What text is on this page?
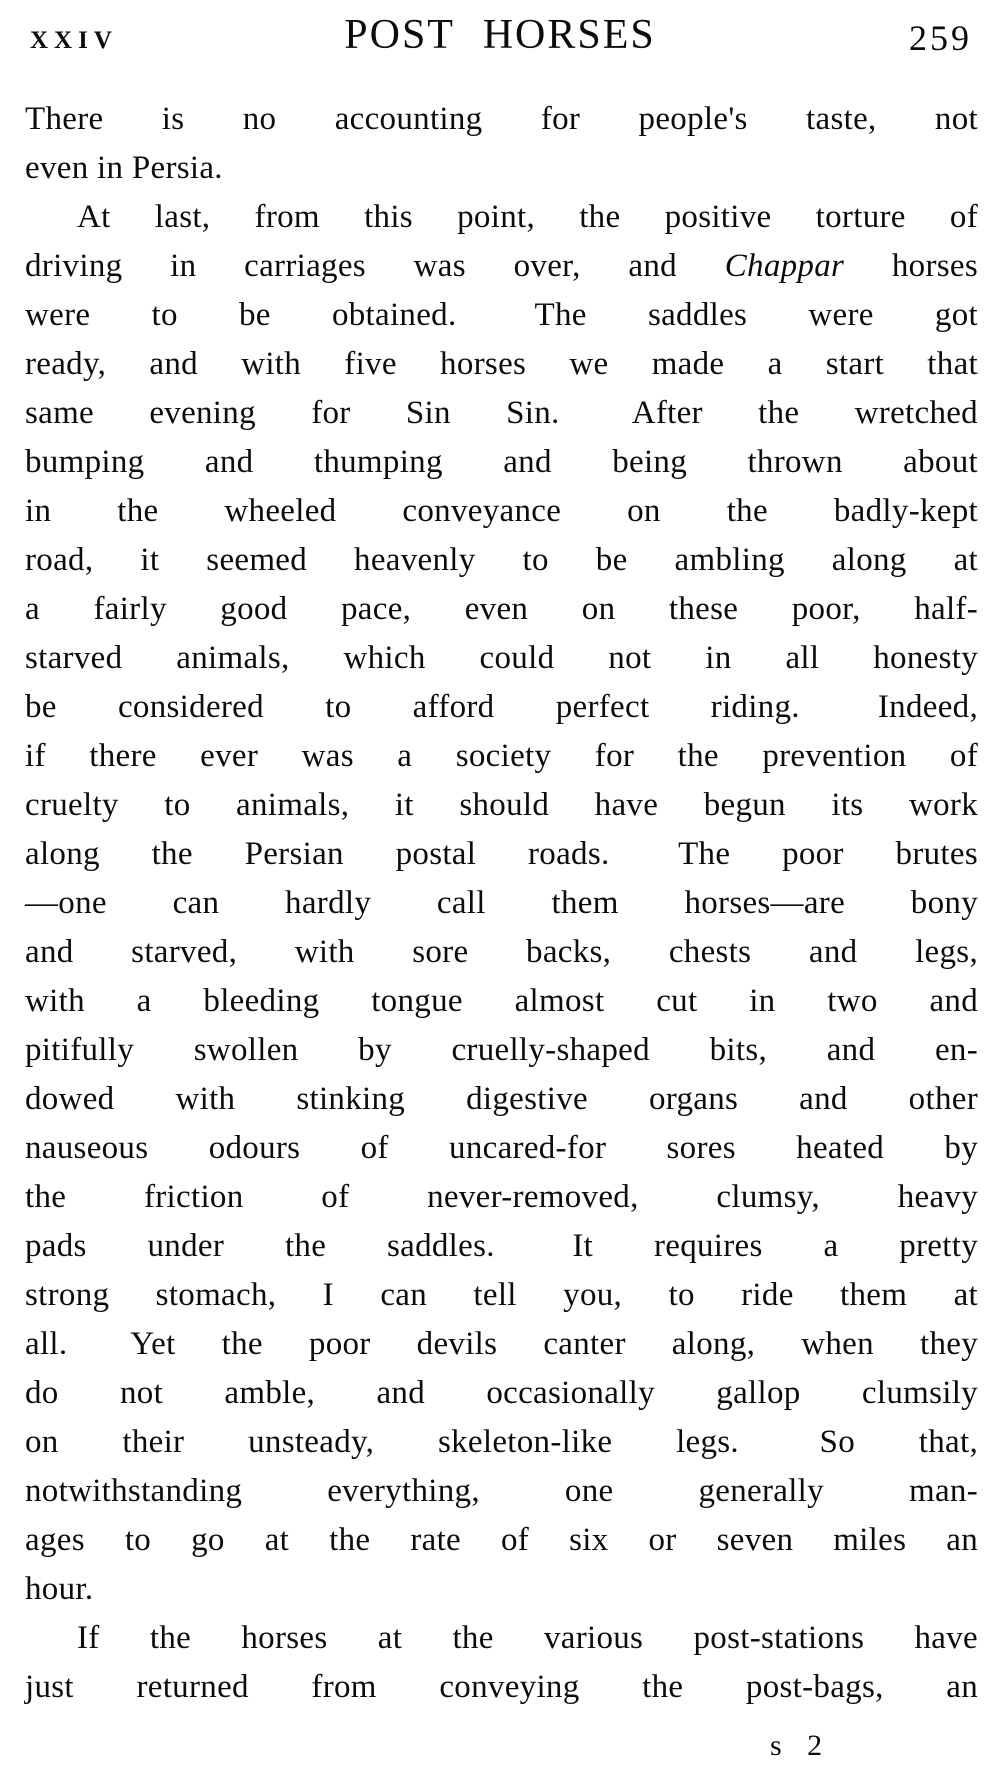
XXIV	POST HORSES	259
There is no accounting for people's taste, not
even in Persia.
At last, from this point, the positive torture of
driving in carriages was over, and Chappar horses
were to be obtained.  The saddles were got
ready, and with five horses we made a start that
same evening for Sin Sin.  After the wretched
bumping and thumping and being thrown about
in the wheeled conveyance on the badly-kept
road, it seemed heavenly to be ambling along at
a fairly good pace, even on these poor, half-
starved animals, which could not in all honesty
be considered to afford perfect riding.  Indeed,
if there ever was a society for the prevention of
cruelty to animals, it should have begun its work
along the Persian postal roads.  The poor brutes
—one can hardly call them horses—are bony
and starved, with sore backs, chests and legs,
with a bleeding tongue almost cut in two and
pitifully swollen by cruelly-shaped bits, and en-
dowed with stinking digestive organs and other
nauseous odours of uncared-for sores heated by
the friction of never-removed, clumsy, heavy
pads under the saddles.  It requires a pretty
strong stomach, I can tell you, to ride them at
all.  Yet the poor devils canter along, when they
do not amble, and occasionally gallop clumsily
on their unsteady, skeleton-like legs.  So that,
notwithstanding everything, one generally man-
ages to go at the rate of six or seven miles an
hour.
If the horses at the various post-stations have
just returned from conveying the post-bags, an
s 2
